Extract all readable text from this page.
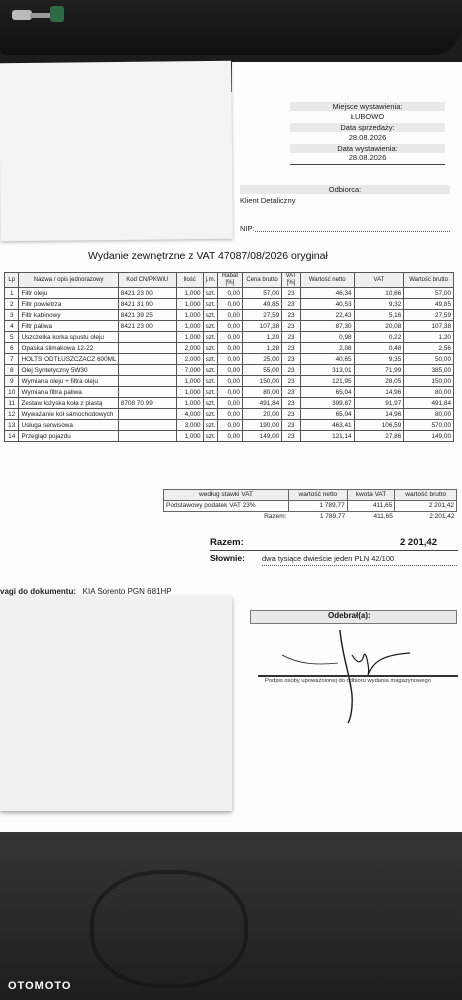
Miejsce wystawienia:
ŁUBOWO
Data sprzedaży:
28.08.2026
Data wystawienia:
28.08.2026
Odbiorca:
Klient Detaliczny
NIP:
Wydanie zewnętrzne z VAT 47087/08/2026 oryginał
Lp	Nazwa / opis jednorazowy	Kod CN/PKWiU	Ilość	j.m.	Rabat [%]	Cena brutto	VAT [%]	Wartość netto	VAT	Wartość brutto
1	Filtr oleju	8421 23 00	1,000	szt.	0,00	57,00	23	46,34	10,66	57,00
2	Filtr powietrza	8421 31 00	1,000	szt.	0,00	49,85	23	40,53	9,32	49,85
3	Filtr kabinowy	8421 39 25	1,000	szt.	0,00	27,59	23	22,43	5,16	27,59
4	Filtr paliwa	8421 23 00	1,000	szt.	0,00	107,38	23	87,30	20,08	107,38
5	Uszczelka korka spustu oleju		1,000	szt.	0,00	1,20	23	0,98	0,22	1,20
6	Opaska ślimakowa 12-22		2,000	szt.	0,00	1,28	23	2,08	0,48	2,56
7	HOLTS ODTŁUSZCZACZ 600ML		2,000	szt.	0,00	25,00	23	40,65	9,35	50,00
8	Olej Syntetyczny 5W30		7,000	szt.	0,00	55,00	23	313,01	71,99	385,00
9	Wymiana oleju + filtra oleju		1,000	szt.	0,00	150,00	23	121,95	28,05	150,00
10	Wymiana filtra paliwa		1,000	szt.	0,00	80,00	23	65,04	14,96	80,00
11	Zestaw łożyska koła z piastą	8708 70 99	1,000	szt.	0,00	491,84	23	399,87	91,97	491,84
12	Wyważanie kół samochodowych		4,000	szt.	0,00	20,00	23	65,04	14,96	80,00
13	Usługa serwisowa		3,000	szt.	0,00	190,00	23	463,41	106,59	570,00
14	Przegląd pojazdu		1,000	szt.	0,00	149,00	23	121,14	27,86	149,00
według stawki VAT	wartość netto	kwota VAT	wartość brutto
Podstawowy podatek VAT 23%	1 789,77	411,65	2 201,42
Razem:	1 789,77	411,65	2 201,42
Razem:	2 201,42
Słownie: dwa tysiące dwieście jeden PLN 42/100
vagi do dokumentu: KIA Sorento PGN 681HP
Odebrał(a):
Podpis osoby upoważnionej do odbioru wydania magazynowego
OTOMOTO
